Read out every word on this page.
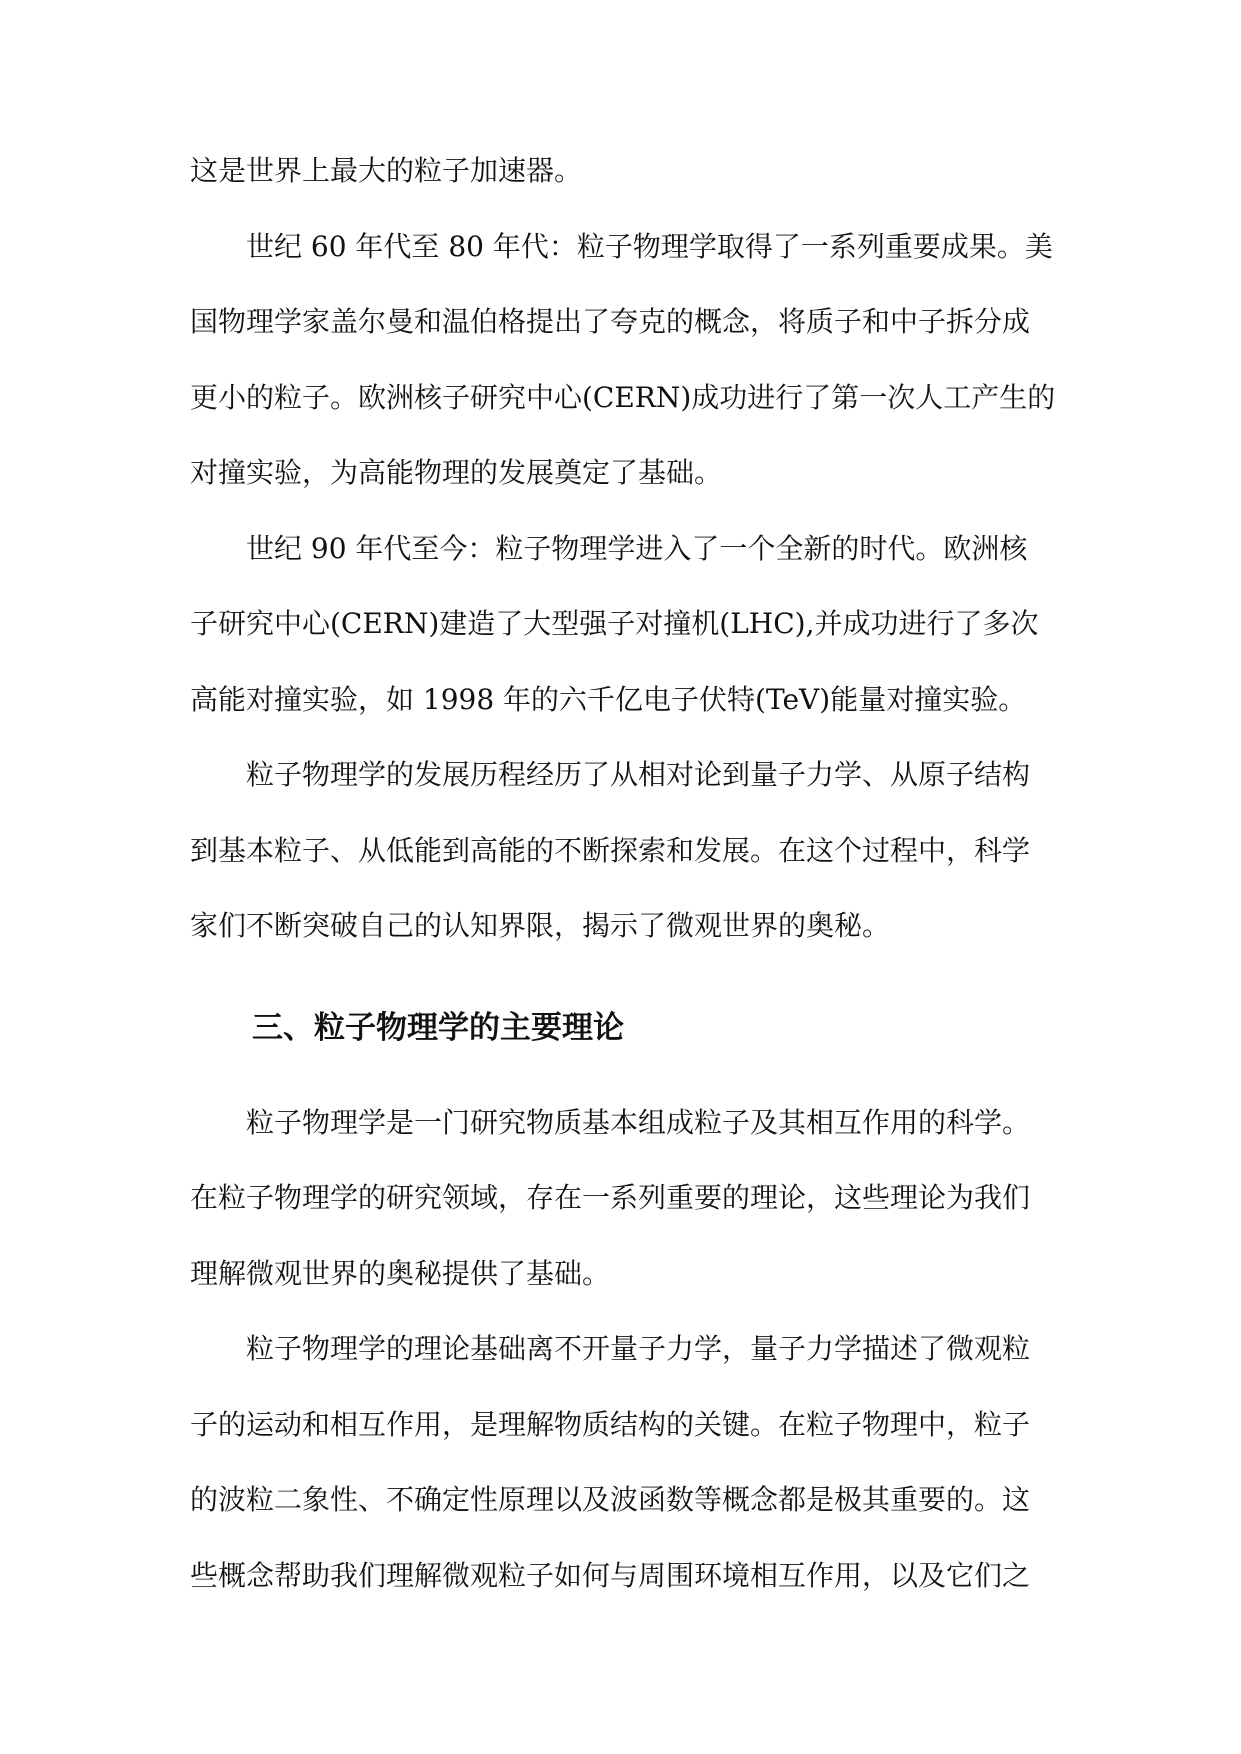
这是世界上最大的粒子加速器。
世纪 60 年代至 80 年代：粒子物理学取得了一系列重要成果。美
国物理学家盖尔曼和温伯格提出了夸克的概念，将质子和中子拆分成
更小的粒子。欧洲核子研究中心(CERN)成功进行了第一次人工产生的
对撞实验，为高能物理的发展奠定了基础。
世纪 90 年代至今：粒子物理学进入了一个全新的时代。欧洲核
子研究中心(CERN)建造了大型强子对撞机(LHC),并成功进行了多次
高能对撞实验，如 1998 年的六千亿电子伏特(TeV)能量对撞实验。
粒子物理学的发展历程经历了从相对论到量子力学、从原子结构
到基本粒子、从低能到高能的不断探索和发展。在这个过程中，科学
家们不断突破自己的认知界限，揭示了微观世界的奥秘。
三、粒子物理学的主要理论
粒子物理学是一门研究物质基本组成粒子及其相互作用的科学。
在粒子物理学的研究领域，存在一系列重要的理论，这些理论为我们
理解微观世界的奥秘提供了基础。
粒子物理学的理论基础离不开量子力学，量子力学描述了微观粒
子的运动和相互作用，是理解物质结构的关键。在粒子物理中，粒子
的波粒二象性、不确定性原理以及波函数等概念都是极其重要的。这
些概念帮助我们理解微观粒子如何与周围环境相互作用，以及它们之
